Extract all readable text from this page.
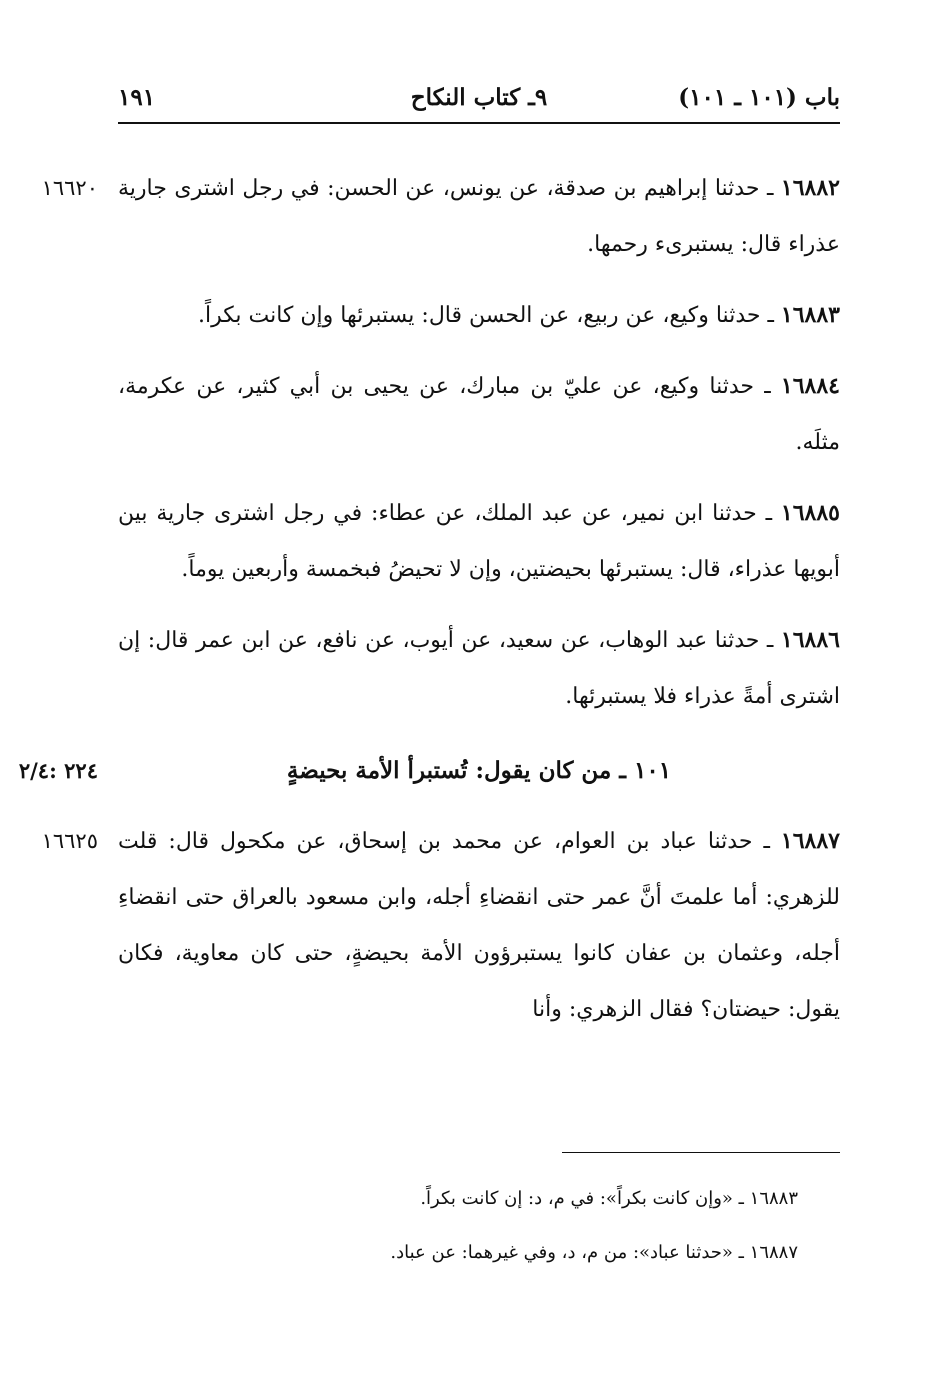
باب (١٠١ ـ ١٠١)
٩ـ كتاب النكاح
١٩١
١٦٦٢٠	١٦٨٨٢ ـ حدثنا إبراهيم بن صدقة، عن يونس، عن الحسن: في رجل اشترى جارية عذراء قال: يستبرىء رحمها.
١٦٨٨٣ ـ حدثنا وكيع، عن ربيع، عن الحسن قال: يستبرئها وإن كانت بكراً.
١٦٨٨٤ ـ حدثنا وكيع، عن عليّ بن مبارك، عن يحيى بن أبي كثير، عن عكرمة، مثلَه.
١٦٨٨٥ ـ حدثنا ابن نمير، عن عبد الملك، عن عطاء: في رجل اشترى جارية بين أبويها عذراء، قال: يستبرئها بحيضتين، وإن لا تحيضُ فبخمسة وأربعين يوماً.
١٦٨٨٦ ـ حدثنا عبد الوهاب، عن سعيد، عن أيوب، عن نافع، عن ابن عمر قال: إن اشترى أمةً عذراء فلا يستبرئها.
٢٢٤ :٢/٤	١٠١ ـ من كان يقول: تُستبرأ الأمة بحيضةٍ
١٦٦٢٥	١٦٨٨٧ ـ حدثنا عباد بن العوام، عن محمد بن إسحاق، عن مكحول قال: قلت للزهري: أما علمتَ أنَّ عمر حتى انقضاءِ أجله، وابن مسعود بالعراق حتى انقضاءِ أجله، وعثمان بن عفان كانوا يستبرؤون الأمة بحيضةٍ، حتى كان معاوية، فكان يقول: حيضتان؟ فقال الزهري: وأنا

١٦٨٨٣ ـ «وإن كانت بكراً»: في م، د: إن كانت بكراً.

١٦٨٨٧ ـ «حدثنا عباد»: من م، د، وفي غيرهما: عن عباد.
